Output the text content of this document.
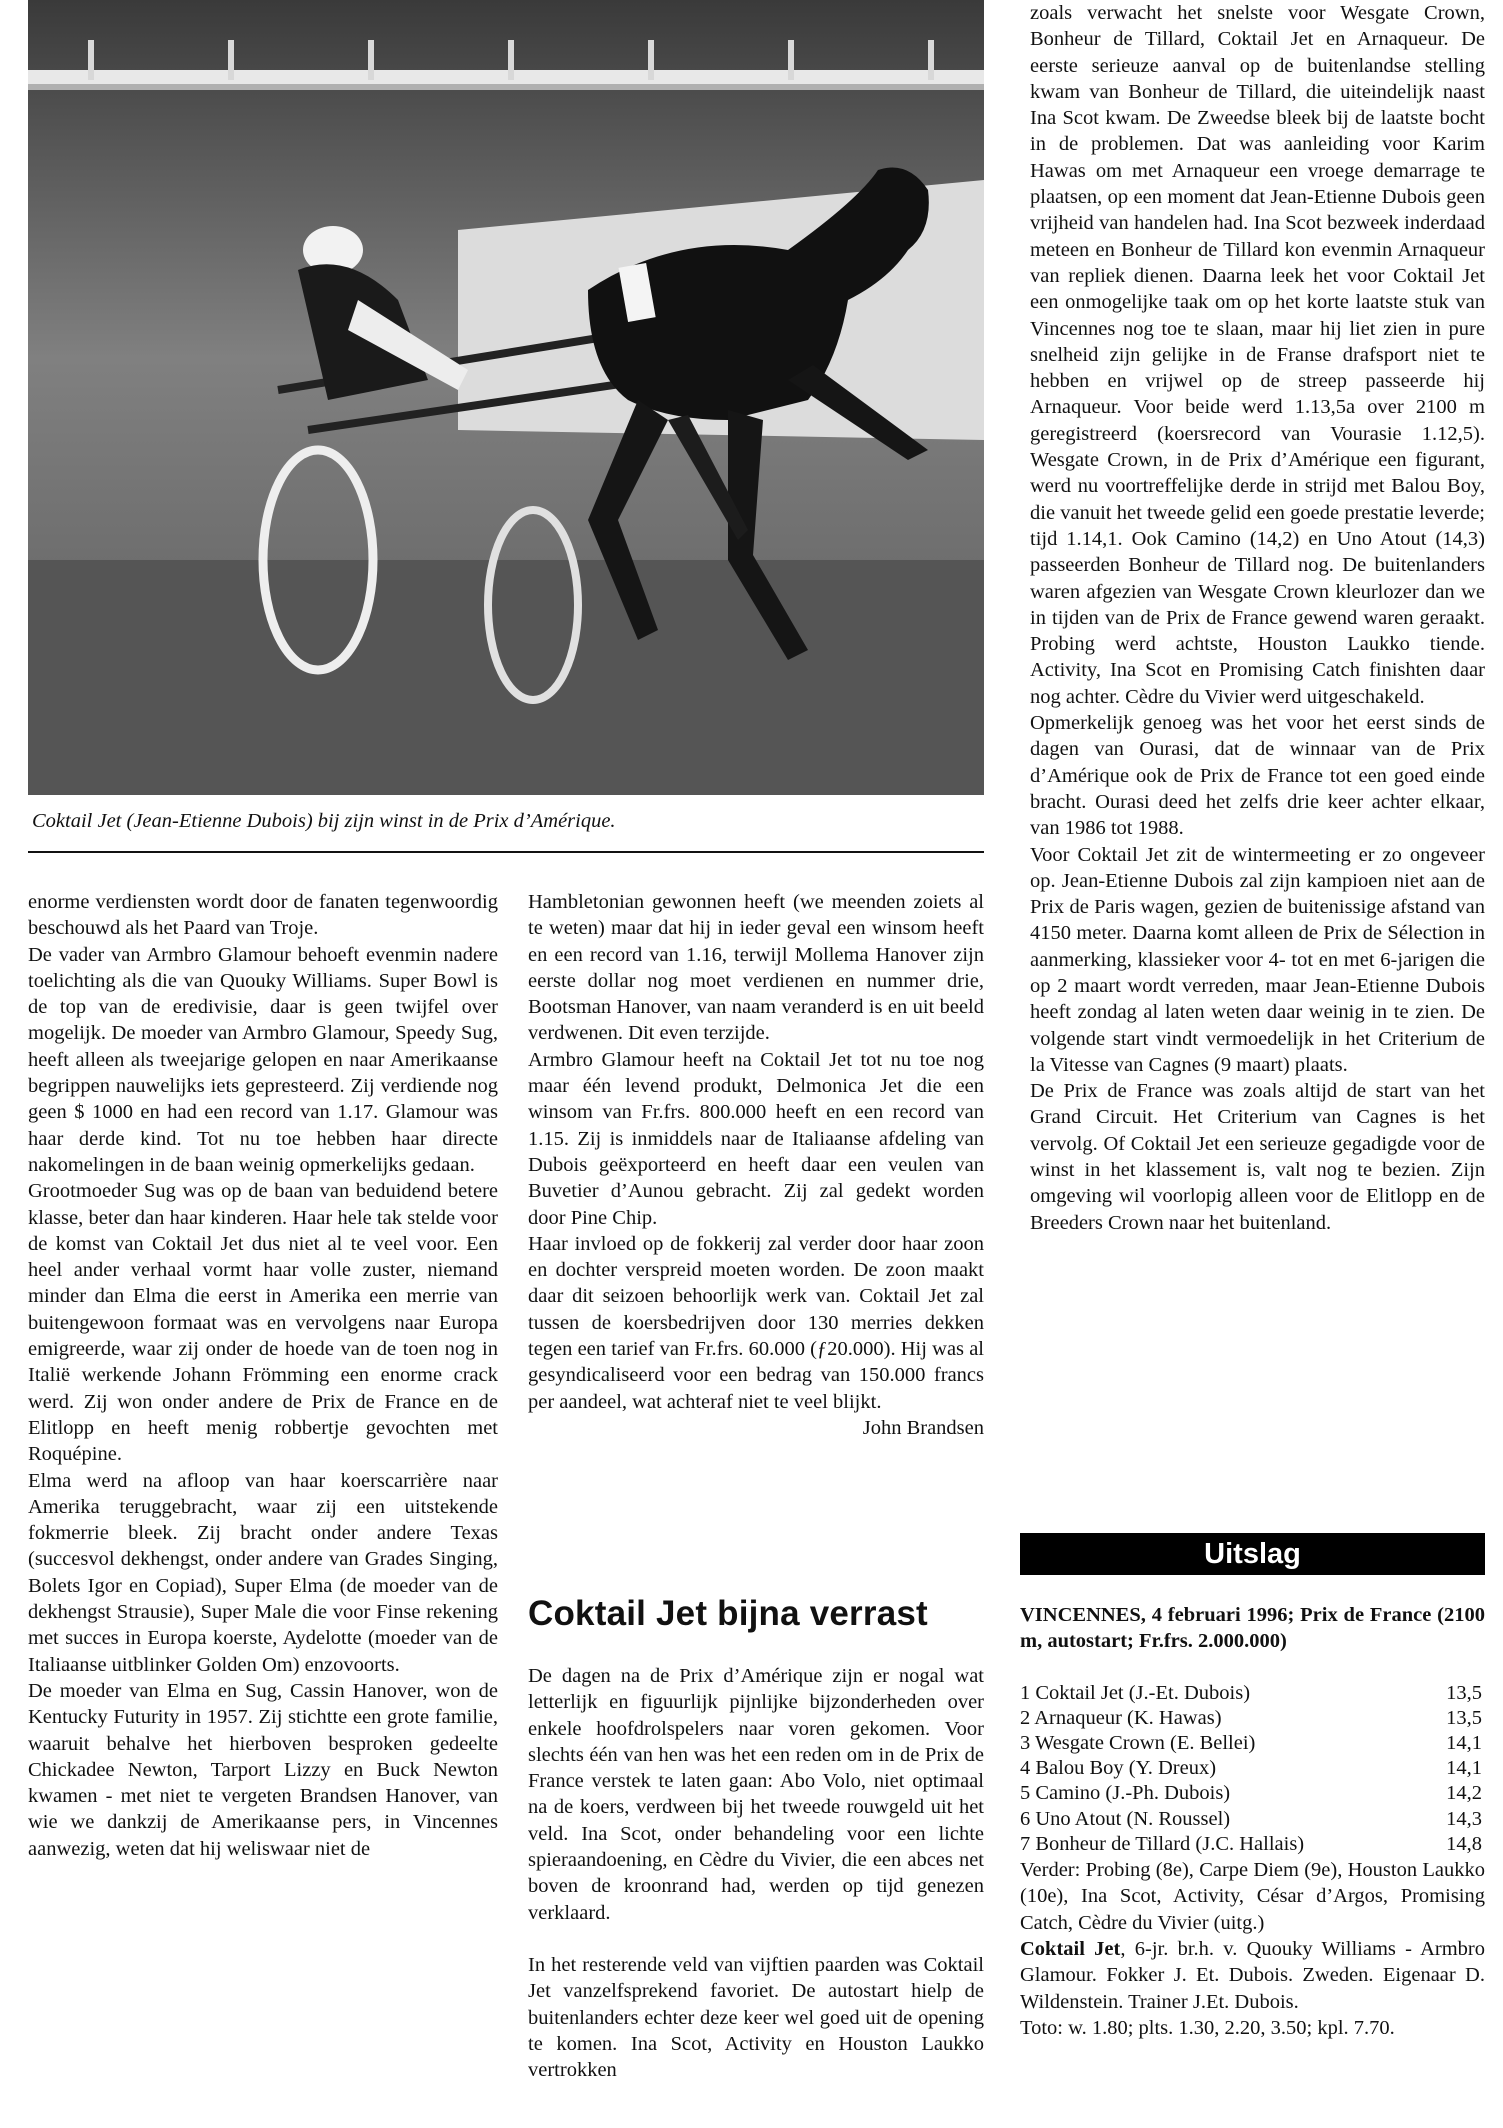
Coktail Jet (Jean-Etienne Dubois) bij zijn winst in de Prix d’Amérique.

enorme verdiensten wordt door de fanaten tegenwoordig beschouwd als het Paard van Troje.

De vader van Armbro Glamour behoeft evenmin nadere toelichting als die van Quouky Williams. Super Bowl is de top van de eredivisie, daar is geen twijfel over mogelijk. De moeder van Armbro Glamour, Speedy Sug, heeft alleen als tweejarige gelopen en naar Amerikaanse begrippen nauwelijks iets gepresteerd. Zij verdiende nog geen $ 1000 en had een record van 1.17. Glamour was haar derde kind. Tot nu toe hebben haar directe nakomelingen in de baan weinig opmerkelijks gedaan.

Grootmoeder Sug was op de baan van beduidend betere klasse, beter dan haar kinderen. Haar hele tak stelde voor de komst van Coktail Jet dus niet al te veel voor. Een heel ander verhaal vormt haar volle zuster, niemand minder dan Elma die eerst in Amerika een merrie van buitengewoon formaat was en vervolgens naar Europa emigreerde, waar zij onder de hoede van de toen nog in Italië werkende Johann Frömming een enorme crack werd. Zij won onder andere de Prix de France en de Elitlopp en heeft menig robbertje gevochten met Roquépine.

Elma werd na afloop van haar koerscarrière naar Amerika teruggebracht, waar zij een uitstekende fokmerrie bleek. Zij bracht onder andere Texas (succesvol dekhengst, onder andere van Grades Singing, Bolets Igor en Copiad), Super Elma (de moeder van de dekhengst Strausie), Super Male die voor Finse rekening met succes in Europa koerste, Aydelotte (moeder van de Italiaanse uitblinker Golden Om) enzovoorts.

De moeder van Elma en Sug, Cassin Hanover, won de Kentucky Futurity in 1957. Zij stichtte een grote familie, waaruit behalve het hierboven besproken gedeelte Chickadee Newton, Tarport Lizzy en Buck Newton kwamen - met niet te vergeten Brandsen Hanover, van wie we dankzij de Amerikaanse pers, in Vincennes aanwezig, weten dat hij weliswaar niet de

Hambletonian gewonnen heeft (we meenden zoiets al te weten) maar dat hij in ieder geval een winsom heeft en een record van 1.16, terwijl Mollema Hanover zijn eerste dollar nog moet verdienen en nummer drie, Bootsman Hanover, van naam veranderd is en uit beeld verdwenen. Dit even terzijde.

Armbro Glamour heeft na Coktail Jet tot nu toe nog maar één levend produkt, Delmonica Jet die een winsom van Fr.frs. 800.000 heeft en een record van 1.15. Zij is inmiddels naar de Italiaanse afdeling van Dubois geëxporteerd en heeft daar een veulen van Buvetier d’Aunou gebracht. Zij zal gedekt worden door Pine Chip.

Haar invloed op de fokkerij zal verder door haar zoon en dochter verspreid moeten worden. De zoon maakt daar dit seizoen behoorlijk werk van. Coktail Jet zal tussen de koersbedrijven door 130 merries dekken tegen een tarief van Fr.frs. 60.000 (ƒ20.000). Hij was al gesyndicaliseerd voor een bedrag van 150.000 francs per aandeel, wat achteraf niet te veel blijkt.

John Brandsen

Coktail Jet bijna verrast

De dagen na de Prix d’Amérique zijn er nogal wat letterlijk en figuurlijk pijnlijke bijzonderheden over enkele hoofdrolspelers naar voren gekomen. Voor slechts één van hen was het een reden om in de Prix de France verstek te laten gaan: Abo Volo, niet optimaal na de koers, verdween bij het tweede rouwgeld uit het veld. Ina Scot, onder behandeling voor een lichte spieraandoening, en Cèdre du Vivier, die een abces net boven de kroonrand had, werden op tijd genezen verklaard.

In het resterende veld van vijftien paarden was Coktail Jet vanzelfsprekend favoriet. De autostart hielp de buitenlanders echter deze keer wel goed uit de opening te komen. Ina Scot, Activity en Houston Laukko vertrokken

zoals verwacht het snelste voor Wesgate Crown, Bonheur de Tillard, Coktail Jet en Arnaqueur. De eerste serieuze aanval op de buitenlandse stelling kwam van Bonheur de Tillard, die uiteindelijk naast Ina Scot kwam. De Zweedse bleek bij de laatste bocht in de problemen. Dat was aanleiding voor Karim Hawas om met Arnaqueur een vroege demarrage te plaatsen, op een moment dat Jean-Etienne Dubois geen vrijheid van handelen had. Ina Scot bezweek inderdaad meteen en Bonheur de Tillard kon evenmin Arnaqueur van repliek dienen. Daarna leek het voor Coktail Jet een onmogelijke taak om op het korte laatste stuk van Vincennes nog toe te slaan, maar hij liet zien in pure snelheid zijn gelijke in de Franse drafsport niet te hebben en vrijwel op de streep passeerde hij Arnaqueur. Voor beide werd 1.13,5a over 2100 m geregistreerd (koersrecord van Vourasie 1.12,5). Wesgate Crown, in de Prix d’Amérique een figurant, werd nu voortreffelijke derde in strijd met Balou Boy, die vanuit het tweede gelid een goede prestatie leverde; tijd 1.14,1. Ook Camino (14,2) en Uno Atout (14,3) passeerden Bonheur de Tillard nog. De buitenlanders waren afgezien van Wesgate Crown kleurlozer dan we in tijden van de Prix de France gewend waren geraakt. Probing werd achtste, Houston Laukko tiende. Activity, Ina Scot en Promising Catch finishten daar nog achter. Cèdre du Vivier werd uitgeschakeld.

Opmerkelijk genoeg was het voor het eerst sinds de dagen van Ourasi, dat de winnaar van de Prix d’Amérique ook de Prix de France tot een goed einde bracht. Ourasi deed het zelfs drie keer achter elkaar, van 1986 tot 1988.

Voor Coktail Jet zit de wintermeeting er zo ongeveer op. Jean-Etienne Dubois zal zijn kampioen niet aan de Prix de Paris wagen, gezien de buitenissige afstand van 4150 meter. Daarna komt alleen de Prix de Sélection in aanmerking, klassieker voor 4- tot en met 6-jarigen die op 2 maart wordt verreden, maar Jean-Etienne Dubois heeft zondag al laten weten daar weinig in te zien. De volgende start vindt vermoedelijk in het Criterium de la Vitesse van Cagnes (9 maart) plaats.

De Prix de France was zoals altijd de start van het Grand Circuit. Het Criterium van Cagnes is het vervolg. Of Coktail Jet een serieuze gegadigde voor de winst in het klassement is, valt nog te bezien. Zijn omgeving wil voorlopig alleen voor de Elitlopp en de Breeders Crown naar het buitenland.

Uitslag
VINCENNES, 4 februari 1996; Prix de France (2100 m, autostart; Fr.frs. 2.000.000)
1 Coktail Jet (J.-Et. Dubois)	13,5
2 Arnaqueur (K. Hawas)	13,5
3 Wesgate Crown (E. Bellei)	14,1
4 Balou Boy (Y. Dreux)	14,1
5 Camino (J.-Ph. Dubois)	14,2
6 Uno Atout (N. Roussel)	14,3
7 Bonheur de Tillard (J.C. Hallais)	14,8
Verder: Probing (8e), Carpe Diem (9e), Houston Laukko (10e), Ina Scot, Activity, César d’Argos, Promising Catch, Cèdre du Vivier (uitg.)
Coktail Jet, 6-jr. br.h. v. Quouky Williams - Armbro Glamour. Fokker J. Et. Dubois. Zweden. Eigenaar D. Wildenstein. Trainer J.Et. Dubois.
Toto: w. 1.80; plts. 1.30, 2.20, 3.50; kpl. 7.70.
